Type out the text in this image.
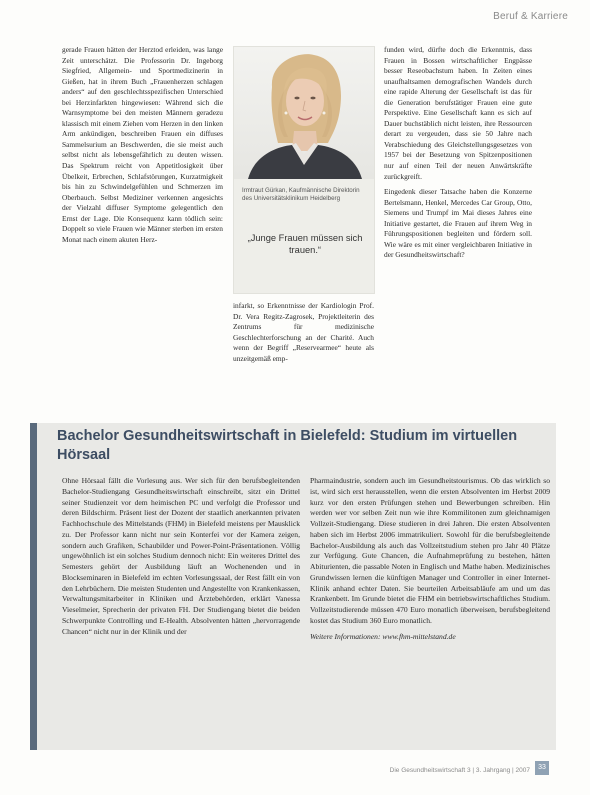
Beruf & Karriere

gerade Frauen hätten der Herztod erleiden, was lange Zeit unterschätzt. Die Professorin Dr. Ingeborg Siegfried, Allgemein- und Sportmedizinerin in Gießen, hat in ihrem Buch „Frauenherzen schlagen anders“ auf den geschlechtsspezifischen Unterschied bei Herzinfarkten hingewiesen: Während sich die Warnsymptome bei den meisten Männern geradezu klassisch mit einem Ziehen vom Herzen in den linken Arm ankündigen, beschreiben Frauen ein diffuses Sammelsurium an Beschwerden, die sie meist auch selbst nicht als lebensgefährlich zu deuten wissen. Das Spektrum reicht von Appetitlosigkeit über Übelkeit, Erbrechen, Schlafstörungen, Kurzatmigkeit bis hin zu Schwindelgefühlen und Schmerzen im Oberbauch. Selbst Mediziner verkennen angesichts der Vielzahl diffuser Symptome gelegentlich den Ernst der Lage. Die Konsequenz kann tödlich sein: Doppelt so viele Frauen wie Männer sterben im ersten Monat nach einem akuten Herz-

Irmtraut Gürkan, Kaufmännische Direktorin des Universitätsklinikum Heidelberg
„Junge Frauen müssen sich trauen.“

infarkt, so Erkenntnisse der Kardiologin Prof. Dr. Vera Regitz-Zagrosek, Projektleiterin des Zentrums für medizinische Geschlechterforschung an der Charité. Auch wenn der Begriff „Reservearmee“ heute als unzeitgemäß emp-

funden wird, dürfte doch die Erkenntnis, dass Frauen in Bossen wirtschaftlicher Engpässe besser Reseobachstum haben. In Zeiten eines unaufhaltsamen demografischen Wandels durch eine rapide Alterung der Gesellschaft ist das für die Generation berufstätiger Frauen eine gute Perspektive. Eine Gesellschaft kann es sich auf Dauer buchstäblich nicht leisten, ihre Ressourcen derart zu vergeuden, dass sie 50 Jahre nach Verabschiedung des Gleichstellungsgesetzes von 1957 bei der Besetzung von Spitzenpositionen nur auf einen Teil der neuen Anwärtskräfte zurückgreift.

Eingedenk dieser Tatsache haben die Konzerne Bertelsmann, Henkel, Mercedes Car Group, Otto, Siemens und Trumpf im Mai dieses Jahres eine Initiative gestartet, die Frauen auf ihrem Weg in Führungspositionen begleiten und fördern soll. Wie wäre es mit einer vergleichbaren Initiative in der Gesundheitswirtschaft?

Bachelor Gesundheitswirtschaft in Bielefeld: Studium im virtuellen Hörsaal

Ohne Hörsaal fällt die Vorlesung aus. Wer sich für den berufsbegleitenden Bachelor-Studiengang Gesundheitswirtschaft einschreibt, sitzt ein Drittel seiner Studienzeit vor dem heimischen PC und verfolgt die Professor und deren Bildschirm. Präsent liest der Dozent der staatlich anerkannten privaten Fachhochschule des Mittelstands (FHM) in Bielefeld meistens per Mausklick zu. Der Professor kann nicht nur sein Konterfei vor der Kamera zeigen, sondern auch Grafiken, Schaubilder und Power-Point-Präsentationen. Völlig ungewöhnlich ist ein solches Studium dennoch nicht: Ein weiteres Drittel des Semesters gehört der Ausbildung läuft an Wochenenden und in Blockseminaren in Bielefeld im echten Vorlesungssaal, der Rest fällt ein von den Lehrbüchern. Die meisten Studenten und Angestellte von Krankenkassen, Verwaltungsmitarbeiter in Kliniken und Ärztebehörden, erklärt Vanessa Vieselmeier, Sprecherin der privaten FH. Der Studiengang bietet die beiden Schwerpunkte Controlling und E-Health. Absolventen hätten „hervorragende Chancen“ nicht nur in der Klinik und der

Pharmaindustrie, sondern auch im Gesundheitstourismus. Ob das wirklich so ist, wird sich erst herausstellen, wenn die ersten Absolventen im Herbst 2009 kurz vor den ersten Prüfungen stehen und Bewerbungen schreiben. Hin werden wer vor selben Zeit nun wie ihre Kommilitonen zum gleichnamigen Vollzeit-Studiengang. Diese studieren in drei Jahren. Die ersten Absolventen haben sich im Herbst 2006 immatrikuliert. Sowohl für die berufsbegleitende Bachelor-Ausbildung als auch das Vollzeitstudium stehen pro Jahr 40 Plätze zur Verfügung. Gute Chancen, die Aufnahmeprüfung zu bestehen, hätten Abiturienten, die passable Noten in Englisch und Mathe haben. Medizinisches Grundwissen lernen die künftigen Manager und Controller in einer Internet-Klinik anhand echter Daten. Sie beurteilen Arbeitsabläufe am und um das Krankenbett. Im Grunde bietet die FHM ein betriebswirtschaftliches Studium. Vollzeitstudierende müssen 470 Euro monatlich überweisen, berufsbegleitend kostet das Studium 360 Euro monatlich.

Weitere Informationen: www.fhm-mittelstand.de

Die Gesundheitswirtschaft 3 | 3. Jahrgang | 2007	33
